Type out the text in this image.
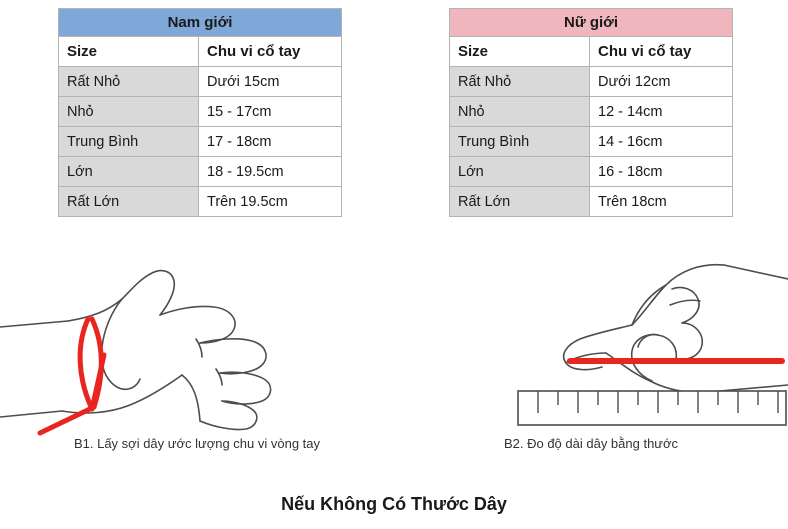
Nam giới	
Size	Chu vi cổ tay
Rất Nhỏ	Dưới 15cm
Nhỏ	15 - 17cm
Trung Bình	17 - 18cm
Lớn	18 - 19.5cm
Rất Lớn	Trên 19.5cm
Nữ giới	
Size	Chu vi cổ tay
Rất Nhỏ	Dưới 12cm
Nhỏ	12 - 14cm
Trung Bình	14 - 16cm
Lớn	16 - 18cm
Rất Lớn	Trên 18cm
B1. Lấy sợi dây ước lượng chu vi vòng tay	B2. Đo độ dài dây bằng thước
Nếu Không Có Thước Dây
